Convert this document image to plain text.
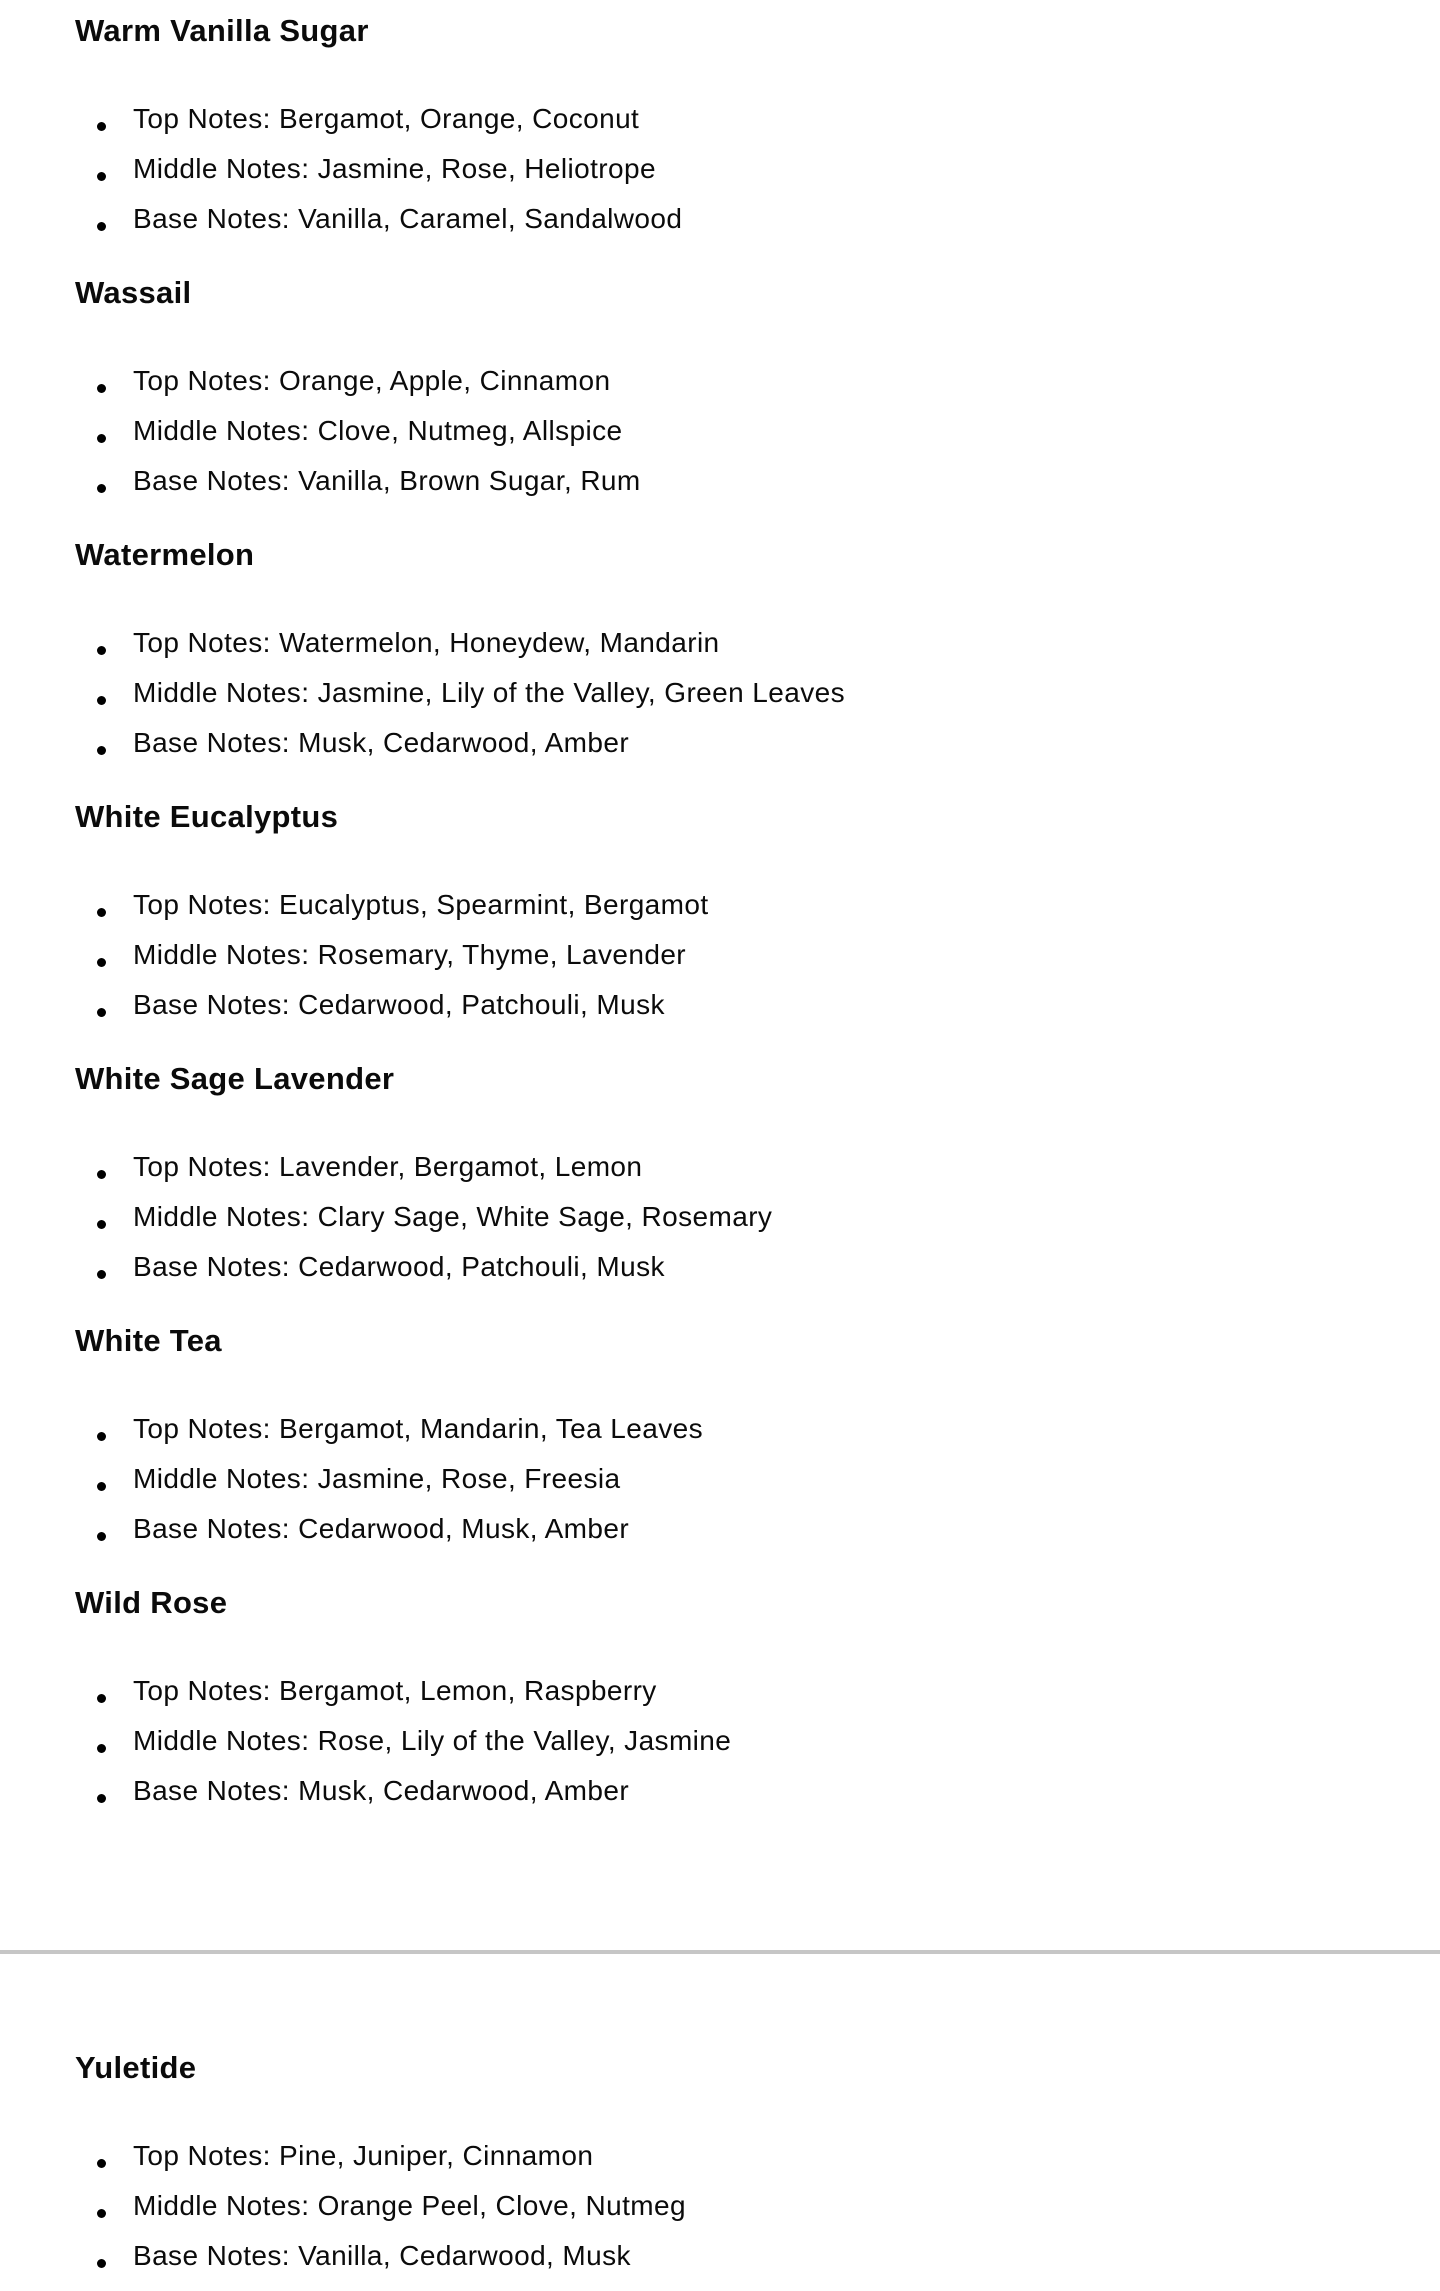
Warm Vanilla Sugar
Top Notes: Bergamot, Orange, Coconut
Middle Notes: Jasmine, Rose, Heliotrope
Base Notes: Vanilla, Caramel, Sandalwood
Wassail
Top Notes: Orange, Apple, Cinnamon
Middle Notes: Clove, Nutmeg, Allspice
Base Notes: Vanilla, Brown Sugar, Rum
Watermelon
Top Notes: Watermelon, Honeydew, Mandarin
Middle Notes: Jasmine, Lily of the Valley, Green Leaves
Base Notes: Musk, Cedarwood, Amber
White Eucalyptus
Top Notes: Eucalyptus, Spearmint, Bergamot
Middle Notes: Rosemary, Thyme, Lavender
Base Notes: Cedarwood, Patchouli, Musk
White Sage Lavender
Top Notes: Lavender, Bergamot, Lemon
Middle Notes: Clary Sage, White Sage, Rosemary
Base Notes: Cedarwood, Patchouli, Musk
White Tea
Top Notes: Bergamot, Mandarin, Tea Leaves
Middle Notes: Jasmine, Rose, Freesia
Base Notes: Cedarwood, Musk, Amber
Wild Rose
Top Notes: Bergamot, Lemon, Raspberry
Middle Notes: Rose, Lily of the Valley, Jasmine
Base Notes: Musk, Cedarwood, Amber
Yuletide
Top Notes: Pine, Juniper, Cinnamon
Middle Notes: Orange Peel, Clove, Nutmeg
Base Notes: Vanilla, Cedarwood, Musk
